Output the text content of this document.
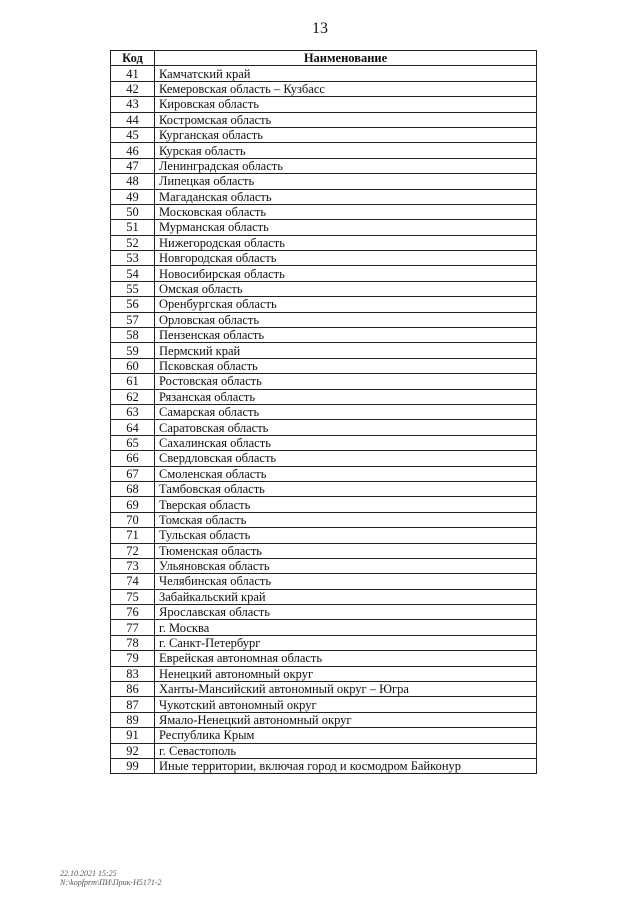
13
Код	Наименование
41	Камчатский край
42	Кемеровская область – Кузбасс
43	Кировская область
44	Костромская область
45	Курганская область
46	Курская область
47	Ленинградская область
48	Липецкая область
49	Магаданская область
50	Московская область
51	Мурманская область
52	Нижегородская область
53	Новгородская область
54	Новосибирская область
55	Омская область
56	Оренбургская область
57	Орловская область
58	Пензенская область
59	Пермский край
60	Псковская область
61	Ростовская область
62	Рязанская область
63	Самарская область
64	Саратовская область
65	Сахалинская область
66	Свердловская область
67	Смоленская область
68	Тамбовская область
69	Тверская область
70	Томская область
71	Тульская область
72	Тюменская область
73	Ульяновская область
74	Челябинская область
75	Забайкальский край
76	Ярославская область
77	г. Москва
78	г. Санкт-Петербург
79	Еврейская автономная область
83	Ненецкий автономный округ
86	Ханты-Мансийский автономный округ – Югра
87	Чукотский автономный округ
89	Ямало-Ненецкий автономный округ
91	Республика Крым
92	г. Севастополь
99	Иные территории, включая город и космодром Байконур
22.10.2021 15:25
N:\kopfprm\ПИ\Прик-Н5171-2
